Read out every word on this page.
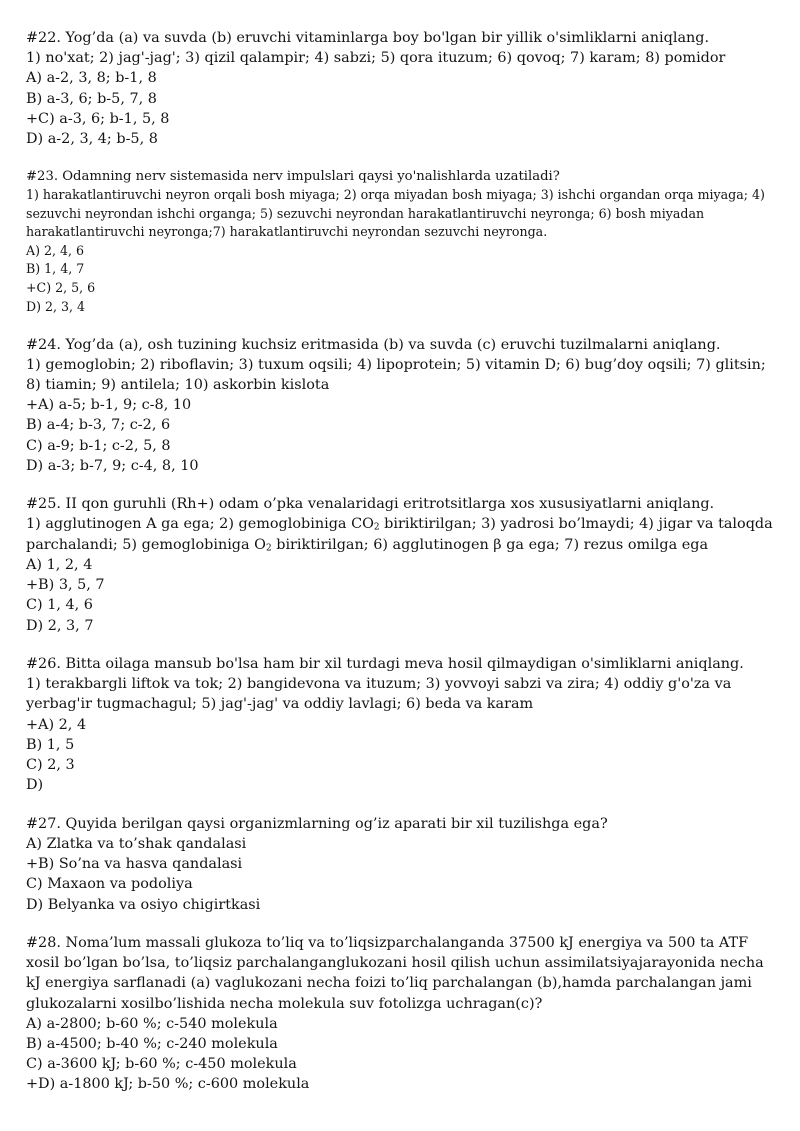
#22. Yog’da (a) va suvda (b) eruvchi vitaminlarga boy bo'lgan bir yillik o'simliklarni aniqlang.

1) no'xat; 2) jag'-jag'; 3) qizil qalampir; 4) sabzi; 5) qora ituzum; 6) qovoq; 7) karam; 8) pomidor

A) a-2, 3, 8; b-1, 8

B) a-3, 6; b-5, 7, 8

+C) a-3, 6; b-1, 5, 8

D) a-2, 3, 4; b-5, 8

#23. Odamning nerv sistemasida nerv impulslari qaysi yo'nalishlarda uzatiladi?

1) harakatlantiruvchi neyron orqali bosh miyaga; 2) orqa miyadan bosh miyaga; 3) ishchi organdan orqa miyaga; 4) sezuvchi neyrondan ishchi organga; 5) sezuvchi neyrondan harakatlantiruvchi neyronga; 6) bosh miyadan harakatlantiruvchi neyronga;7) harakatlantiruvchi neyrondan sezuvchi neyronga.

A) 2, 4, 6

B) 1, 4, 7

+C) 2, 5, 6

D) 2, 3, 4

#24. Yog’da (a), osh tuzining kuchsiz eritmasida (b) va suvda (c) eruvchi tuzilmalarni aniqlang.

1) gemoglobin; 2) riboflavin; 3) tuxum oqsili; 4) lipoprotein; 5) vitamin D; 6) bug’doy oqsili; 7) glitsin; 8) tiamin; 9) antilela; 10) askorbin kislota

+A) a-5; b-1, 9; c-8, 10

B) a-4; b-3, 7; c-2, 6

C) a-9; b-1; c-2, 5, 8

D) a-3; b-7, 9; c-4, 8, 10

#25. II qon guruhli (Rh+) odam o’pka venalaridagi eritrotsitlarga xos xususiyatlarni aniqlang.

1) agglutinogen A ga ega; 2) gemoglobiniga $CO_2$ biriktirilgan; 3) yadrosi bo’lmaydi; 4) jigar va taloqda parchalandi; 5) gemoglobiniga $O_2$ biriktirilgan; 6) agglutinogen β ga ega; 7) rezus omilga ega

A) 1, 2, 4

+B) 3, 5, 7

C) 1, 4, 6

D) 2, 3, 7

#26. Bitta oilaga mansub bo'lsa ham bir xil turdagi meva hosil qilmaydigan o'simliklarni aniqlang.

1) terakbargli liftok va tok; 2) bangidevona va ituzum; 3) yovvoyi sabzi va zira; 4) oddiy g'o'za va yerbag'ir tugmachagul; 5) jag'-jag' va oddiy lavlagi; 6) beda va karam

+A) 2, 4

B) 1, 5

C) 2, 3

D)

#27. Quyida berilgan qaysi organizmlarning og’iz aparati bir xil tuzilishga ega?

A) Zlatka va to’shak qandalasi

+B) So’na va hasva qandalasi

C) Maxaon va podoliya

D) Belyanka va osiyo chigirtkasi

#28. Noma’lum massali glukoza to’liq va to’liqsizparchalanganda 37500 kJ energiya va 500 ta ATF xosil bo’lgan bo’lsa, to’liqsiz parchalanganglukozani hosil qilish uchun assimilatsiyajarayonida necha kJ energiya sarflanadi (a) vaglukozani necha foizi to’liq parchalangan (b),hamda parchalangan jami glukozalarni xosilbo’lishida necha molekula suv fotolizga uchragan(c)?

A) a-2800; b-60 %; c-540 molekula

B) a-4500; b-40 %; c-240 molekula

C) a-3600 kJ; b-60 %; c-450 molekula

+D) a-1800 kJ; b-50 %; c-600 molekula
